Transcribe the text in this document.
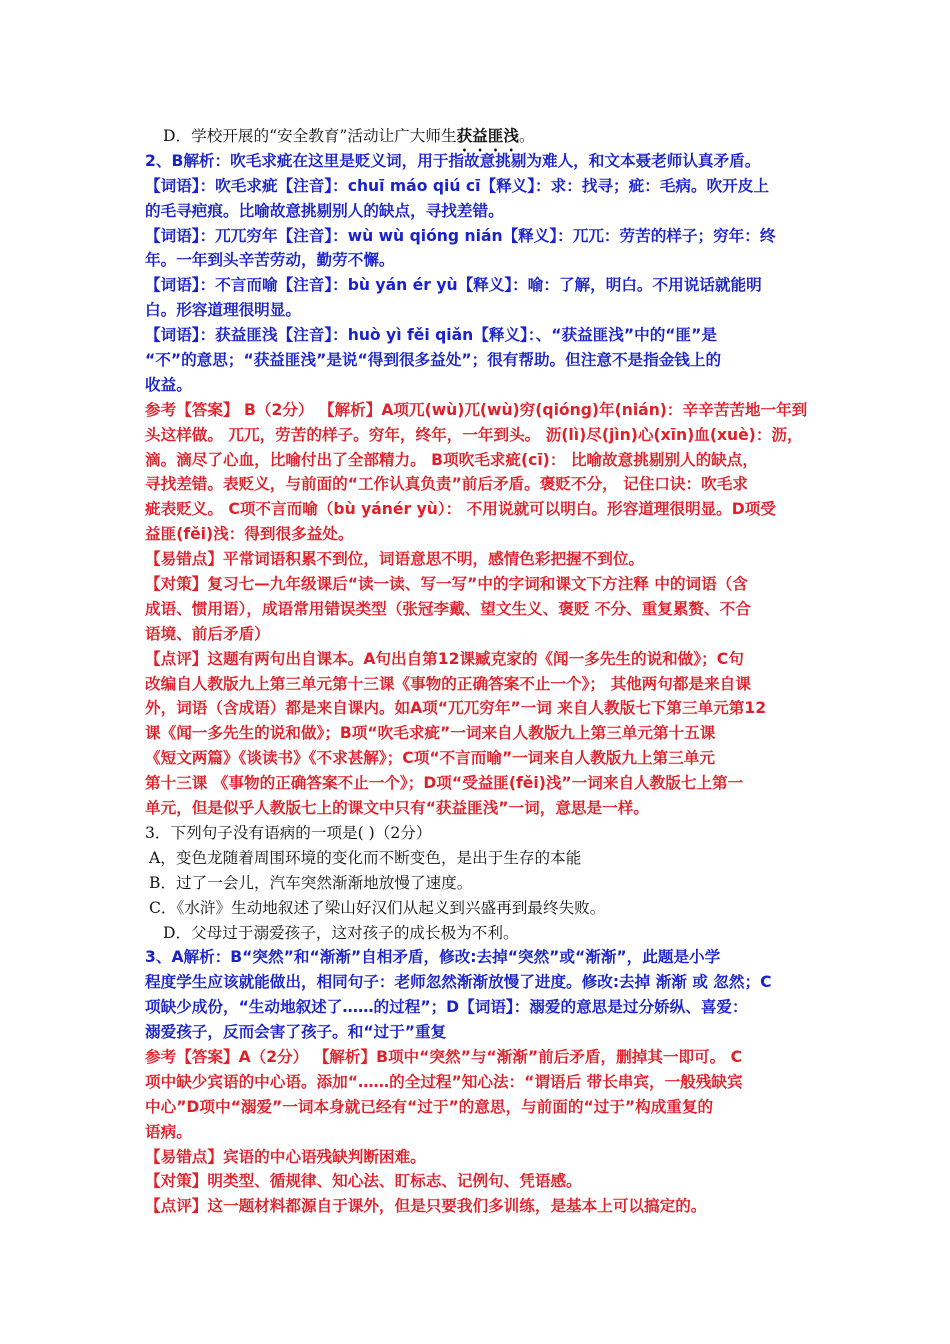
D．学校开展的“安全教育”活动让广大师生获益匪浅。
2、B解析：吹毛求疵在这里是贬义词，用于指故意挑剔为难人，和文本聂老师认真矛盾。
【词语】：吹毛求疵【注音】：chuī máo qiú cī【释义】：求：找寻；疵：毛病。吹开皮上
的毛寻疤痕。比喻故意挑剔别人的缺点，寻找差错。
【词语】：兀兀穷年【注音】：wù wù qióng nián【释义】：兀兀：劳苦的样子；穷年：终
年。一年到头辛苦劳动，勤劳不懈。
【词语】：不言而喻【注音】：bù yán ér yù【释义】：喻：了解，明白。不用说话就能明
白。形容道理很明显。
【词语】：获益匪浅【注音】：huò yì fěi qiǎn【释义】：、“获益匪浅”中的“匪”是
“不”的意思；“获益匪浅”是说“得到很多益处”；很有帮助。但注意不是指金钱上的
收益。
参考【答案】 B（2分） 【解析】A项兀(wù)兀(wù)穷(qióng)年(nián)：辛辛苦苦地一年到
头这样做。 兀兀，劳苦的样子。穷年，终年，一年到头。 沥(lì)尽(jìn)心(xīn)血(xuè)：沥，
滴。滴尽了心血，比喻付出了全部精力。 B项吹毛求疵(cī)： 比喻故意挑剔别人的缺点，
寻找差错。表贬义，与前面的“工作认真负责”前后矛盾。褒贬不分， 记住口诀：吹毛求
疵表贬义。 C项不言而喻（bù yánér yù）： 不用说就可以明白。形容道理很明显。D项受
益匪(fěi)浅：得到很多益处。
【易错点】平常词语积累不到位，词语意思不明，感情色彩把握不到位。
【对策】复习七—九年级课后“读一读、写一写”中的字词和课文下方注释 中的词语（含
成语、惯用语），成语常用错误类型（张冠李戴、望文生义、褒贬 不分、重复累赘、不合
语境、前后矛盾）
【点评】这题有两句出自课本。A句出自第12课臧克家的《闻一多先生的说和做》；C句
改编自人教版九上第三单元第十三课《事物的正确答案不止一个》； 其他两句都是来自课
外，词语（含成语）都是来自课内。如A项“兀兀穷年”一词 来自人教版七下第三单元第12
课《闻一多先生的说和做》；B项“吹毛求疵”一词来自人教版九上第三单元第十五课
《短文两篇》《谈读书》《不求甚解》；C项“不言而喻”一词来自人教版九上第三单元
第十三课 《事物的正确答案不止一个》；D项“受益匪(fěi)浅”一词来自人教版七上第一
单元，但是似乎人教版七上的课文中只有“获益匪浅”一词，意思是一样。
3．下列句子没有语病的一项是( )（2分）
A，变色龙随着周围环境的变化而不断变色，是出于生存的本能
B．过了一会儿，汽车突然渐渐地放慢了速度。
C．《水浒》生动地叙述了梁山好汉们从起义到兴盛再到最终失败。
D．父母过于溺爱孩子，这对孩子的成长极为不利。
3、A解析：B“突然”和“渐渐”自相矛盾，修改:去掉“突然”或“渐渐”，此题是小学
程度学生应该就能做出，相同句子：老师忽然渐渐放慢了进度。修改:去掉 渐渐 或 忽然；C
项缺少成份，“生动地叙述了……的过程”；D【词语】：溺爱的意思是过分娇纵、喜爱：
溺爱孩子，反而会害了孩子。和“过于”重复
参考【答案】A（2分） 【解析】B项中“突然”与“渐渐”前后矛盾，删掉其一即可。 C
项中缺少宾语的中心语。添加“……的全过程”知心法：“谓语后 带长串宾，一般残缺宾
中心”D项中“溺爱”一词本身就已经有“过于”的意思，与前面的“过于”构成重复的
语病。
【易错点】宾语的中心语残缺判断困难。
【对策】明类型、循规律、知心法、盯标志、记例句、凭语感。
【点评】这一题材料都源自于课外，但是只要我们多训练，是基本上可以搞定的。
